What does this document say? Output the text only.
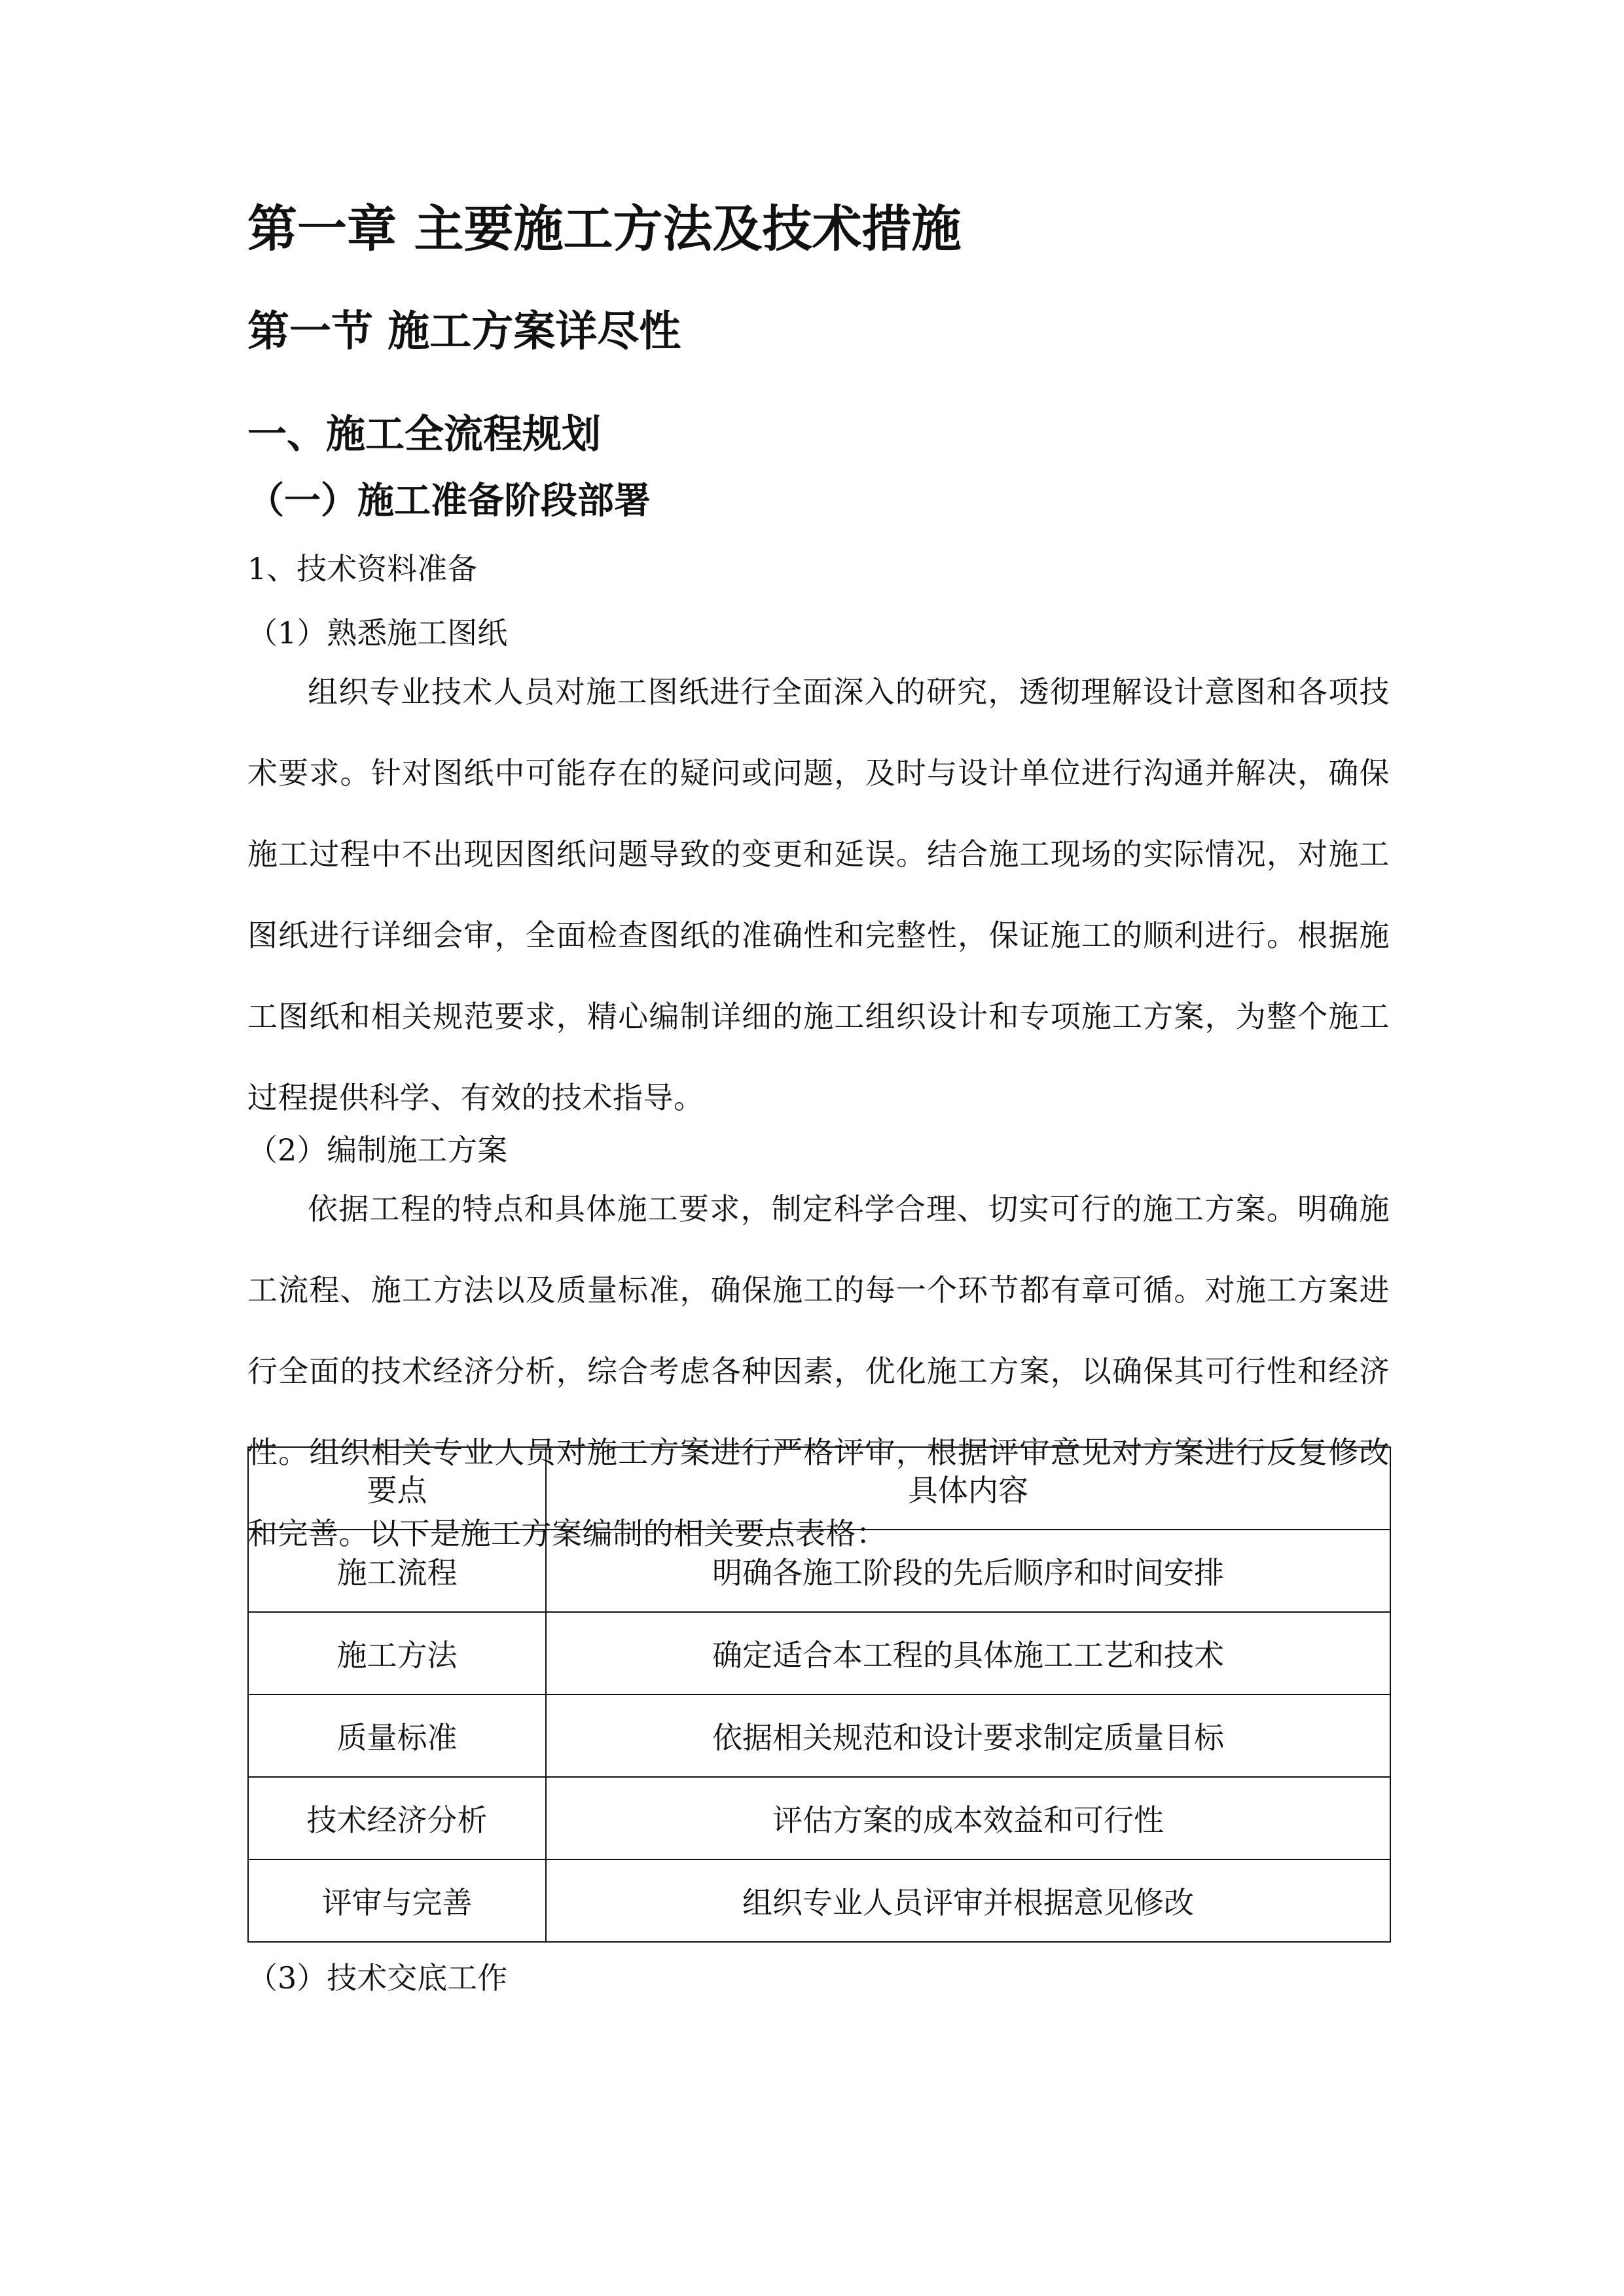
第一章 主要施工方法及技术措施
第一节 施工方案详尽性
一、施工全流程规划
（一）施工准备阶段部署
1、技术资料准备
（1）熟悉施工图纸

组织专业技术人员对施工图纸进行全面深入的研究，透彻理解设计意图和各项技术要求。针对图纸中可能存在的疑问或问题，及时与设计单位进行沟通并解决，确保施工过程中不出现因图纸问题导致的变更和延误。结合施工现场的实际情况，对施工图纸进行详细会审，全面检查图纸的准确性和完整性，保证施工的顺利进行。根据施工图纸和相关规范要求，精心编制详细的施工组织设计和专项施工方案，为整个施工过程提供科学、有效的技术指导。

（2）编制施工方案

依据工程的特点和具体施工要求，制定科学合理、切实可行的施工方案。明确施工流程、施工方法以及质量标准，确保施工的每一个环节都有章可循。对施工方案进行全面的技术经济分析，综合考虑各种因素，优化施工方案，以确保其可行性和经济性。组织相关专业人员对施工方案进行严格评审，根据评审意见对方案进行反复修改和完善。以下是施工方案编制的相关要点表格：

要点	具体内容
施工流程	明确各施工阶段的先后顺序和时间安排
施工方法	确定适合本工程的具体施工工艺和技术
质量标准	依据相关规范和设计要求制定质量目标
技术经济分析	评估方案的成本效益和可行性
评审与完善	组织专业人员评审并根据意见修改
（3）技术交底工作
